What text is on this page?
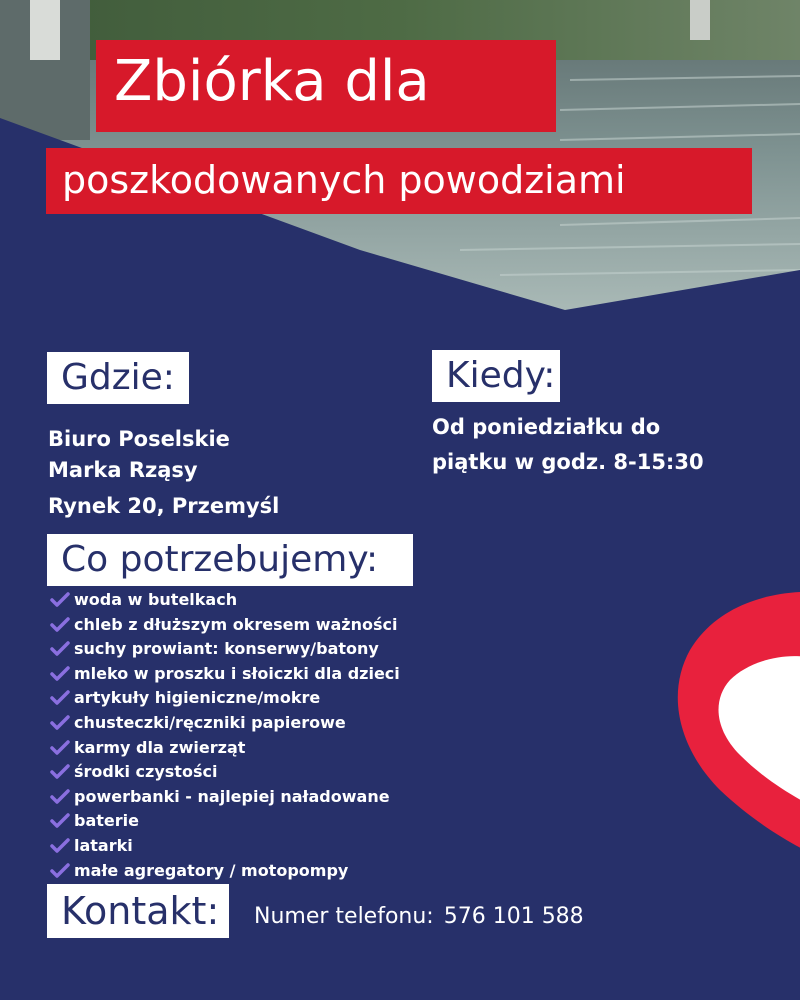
Zbiórka dla
poszkodowanych powodziami
Gdzie:
Biuro Poselskie
Marka Rząsy
Rynek 20, Przemyśl
Kiedy:
Od poniedziałku do
piątku w godz. 8-15:30
Co potrzebujemy:
woda w butelkach
chleb z dłuższym okresem ważności
suchy prowiant: konserwy/batony
mleko w proszku i słoiczki dla dzieci
artykuły higieniczne/mokre
chusteczki/ręczniki papierowe
karmy dla zwierząt
środki czystości
powerbanki - najlepiej naładowane
baterie
latarki
małe agregatory / motopompy
Kontakt: Numer telefonu: 576 101 588
